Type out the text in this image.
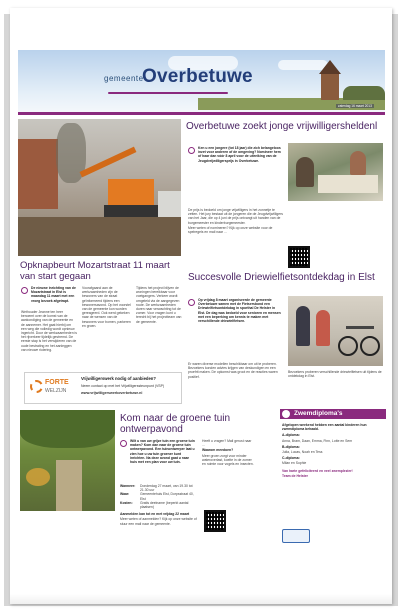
gemeente
Overbetuwe
zaterdag 16 maart 2013
Overbetuwe zoekt jonge vrijwilligersheldenl
Ken u een jongere (tot 18 jaar) die zich belangeloos inzet voor anderen of de omgeving? Nomineer hem of haar dan vóór 8 april voor de uitreiking van de Jeugdvrijwilligersprijs in Overbetuwe.

De prijs is bedoeld om jonge vrijwilligers in het zonnetje te zetten. Het jury bestaat uit de jongeren die de Jeugdvrijwilligers van het Jaar, die op 4 juni de prijs ontvangt uit handen van de burgemeester en kinderburgemeester.

Meer weten of nomineren? Kijk op onze website voor de spelregels en mail naar ...

Opknapbeurt Mozartstraat 11 maart van start gegaan
De nieuwe inrichting van de Mozartstraat in Elst is maandag 11 maart met een vroeg bezoek afgetrapt.
Wethouder Jeanne ten heer benoemt over de komst van de aankondiging van de gemeente en de aannemer. Het gaat hierbij om een weg die volledig wordt opnieuw ingericht. Door de werkzaamheden is het rijverkeer tijdelijk gestremd. De eerste stap is het verwijderen van de oude bestrating en het aanleggen van nieuwe riolering.
Voorafgaand aan de werkzaamheden zijn de bewoners van de straat geïnformeerd tijdens een bewonersavond. Op het voorstel van de gemeente kon worden gereageerd. Ook werd gekeken naar de wensen van de bewoners voor bomen, parkeren en groen.
Tijdens het project blijven de woningen bereikbaar voor voetgangers. Verkeer wordt omgeleid via de aangegeven route. De werkzaamheden duren naar verwachting tot de zomer. Voor vragen kunt u terecht bij het projectteam van de gemeente.
FORTE
WELZIJN
Vrijwilligerswerk nodig of aanbieden?
Neem contact op met het Vrijwilligerssteunpunt (VSP)
www.vrijwilligerswerkoverbetuwe.nl
Succesvolle Driewielfietsontdekdag in Elst
Op vrijdag 8 maart organiseerde de gemeente Overbetuwe samen met de Fietsersbond een Driewielfietsontdekdag in sporthal De Helster in Elst. De dag was bedoeld voor senioren en mensen met een beperking om kennis te maken met verschillende driewielfietsen.
Er waren diverse modellen beschikbaar om uit te proberen. Bezoekers konden advies krijgen van deskundigen en een proefrit maken. De opkomst was groot en de reacties waren positief.
Bezoekers proberen verschillende driewielfietsen uit tijdens de ontdekdag in Elst.
Kom naar de groene tuin ontwerpavond
Wilt u van uw grijze tuin een groene tuin maken? Kom dan naar de groene tuin ontwerpavond. Een tuinontwerper laat u zien hoe u uw tuin groener kunt inrichten. Na deze avond gaat u naar huis met een plan voor uw tuin.
Wanneer:	Donderdag 27 maart, van 19.30 tot 21.30 uur
Waar:	Gemeentehuis Elst, Dorpsstraat 40, Elst
Kosten:	Gratis deelname (beperkt aantal plaatsen)

Aanmelden kan tot en met vrijdag 22 maart

Meer weten of aanmelden? Kijk op onze website of stuur een mail naar de gemeente.

Heeft u vragen? Mail gerust naar ...

Waarom meedoen?

Meer groen zorgt voor minder wateroverlast, koelte in de zomer en ruimte voor vogels en insecten.

Zwemdiploma's

Afgelopen weekend hebben een aantal kinderen hun zwemdiploma behaald.

A-diploma:

Anna, Bram, Daan, Emma, Finn, Lotte en Sem

B-diploma:

Julia, Lucas, Noah en Tess

C-diploma:

Milan en Sophie

Van harte gefeliciteerd en veel zwemplezier!

Team de Helster
